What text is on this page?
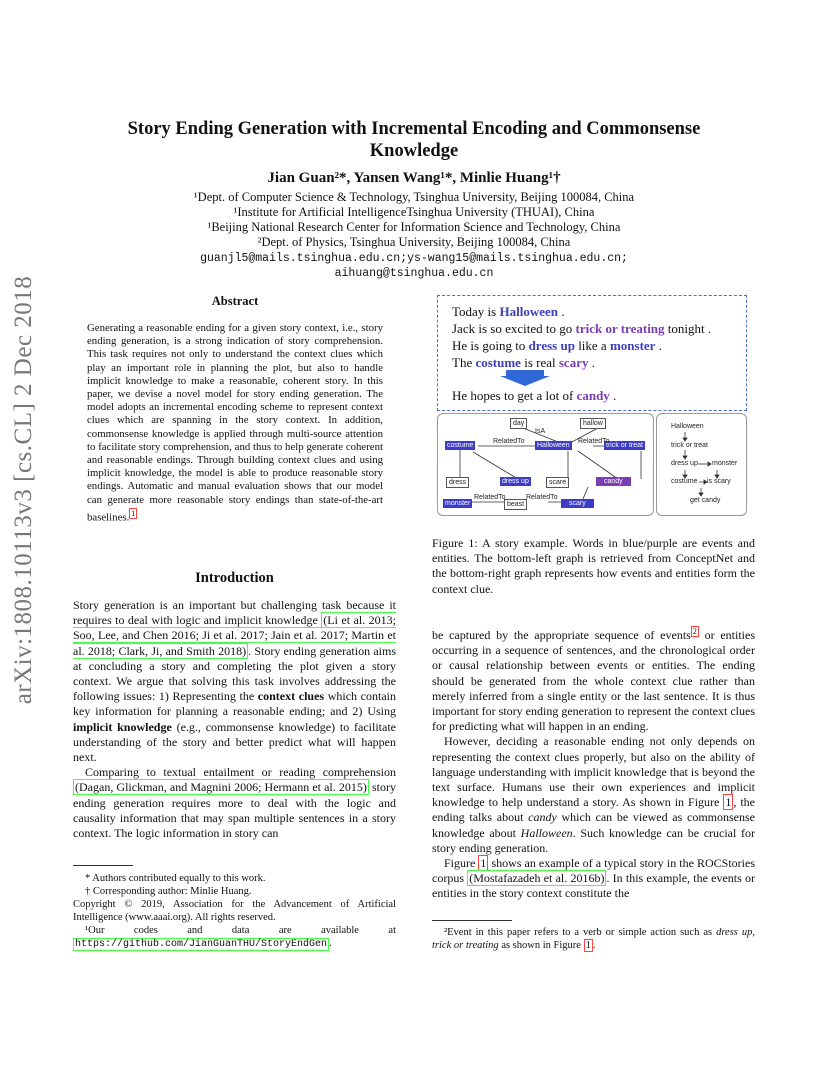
arXiv:1808.10113v3 [cs.CL] 2 Dec 2018
Story Ending Generation with Incremental Encoding and Commonsense
Knowledge
Jian Guan²*, Yansen Wang¹*, Minlie Huang¹†
¹Dept. of Computer Science & Technology, Tsinghua University, Beijing 100084, China
¹Institute for Artificial IntelligenceTsinghua University (THUAI), China
¹Beijing National Research Center for Information Science and Technology, China
²Dept. of Physics, Tsinghua University, Beijing 100084, China
guanjl5@mails.tsinghua.edu.cn;ys-wang15@mails.tsinghua.edu.cn;
aihuang@tsinghua.edu.cn
Abstract
Generating a reasonable ending for a given story context, i.e., story ending generation, is a strong indication of story comprehension. This task requires not only to understand the context clues which play an important role in planning the plot, but also to handle implicit knowledge to make a reasonable, coherent story. In this paper, we devise a novel model for story ending generation. The model adopts an incremental encoding scheme to represent context clues which are spanning in the story context. In addition, commonsense knowledge is applied through multi-source attention to facilitate story comprehension, and thus to help generate coherent and reasonable endings. Through building context clues and using implicit knowledge, the model is able to produce reasonable story endings. Automatic and manual evaluation shows that our model can generate more reasonable story endings than state-of-the-art baselines. $^1$
Introduction

Story generation is an important but challenging task because it requires to deal with logic and implicit knowledge (Li et al. 2013; Soo, Lee, and Chen 2016; Ji et al. 2017; Jain et al. 2017; Martin et al. 2018; Clark, Ji, and Smith 2018) . Story ending generation aims at concluding a story and completing the plot given a story context. We argue that solving this task involves addressing the following issues: 1) Representing the context clues which contain key information for planning a reasonable ending; and 2) Using implicit knowledge (e.g., commonsense knowledge) to facilitate understanding of the story and better predict what will happen next.

Comparing to textual entailment or reading comprehension (Dagan, Glickman, and Magnini 2006; Hermann et al. 2015) story ending generation requires more to deal with the logic and causality information that may span multiple sentences in a story context. The logic information in story can

* Authors contributed equally to this work.
† Corresponding author: Minlie Huang.
Copyright © 2019, Association for the Advancement of Artificial Intelligence (www.aaai.org). All rights reserved.
¹Our codes and data are available at https://github.com/JianGuanTHU/StoryEndGen .
Today is Halloween .
Jack is so excited to go trick or treating tonight .
He is going to dress up like a monster .
The costume is real scary .
He hopes to get a lot of candy .
day	hallow
costume	Halloween	trick or treat
dress	dress up	scare	candy
monster	beast	scary
RelatedTo
IsA
RelatedTo
RelatedTo
RelatedTo
Halloween
trick or treat
dress up monster
costume is scary
get candy
Figure 1: A story example. Words in blue/purple are events and entities. The bottom-left graph is retrieved from ConceptNet and the bottom-right graph represents how events and entities form the context clue.

be captured by the appropriate sequence of events $^2$ or entities occurring in a sequence of sentences, and the chronological order or causal relationship between events or entities. The ending should be generated from the whole context clue rather than merely inferred from a single entity or the last sentence. It is thus important for story ending generation to represent the context clues for predicting what will happen in an ending.

However, deciding a reasonable ending not only depends on representing the context clues properly, but also on the ability of language understanding with implicit knowledge that is beyond the text surface. Humans use their own experiences and implicit knowledge to help understand a story. As shown in Figure 1 , the ending talks about candy which can be viewed as commonsense knowledge about Halloween. Such knowledge can be crucial for story ending generation.

Figure 1 shows an example of a typical story in the ROCStories corpus (Mostafazadeh et al. 2016b) . In this example, the events or entities in the story context constitute the

²Event in this paper refers to a verb or simple action such as dress up, trick or treating as shown in Figure 1 .
